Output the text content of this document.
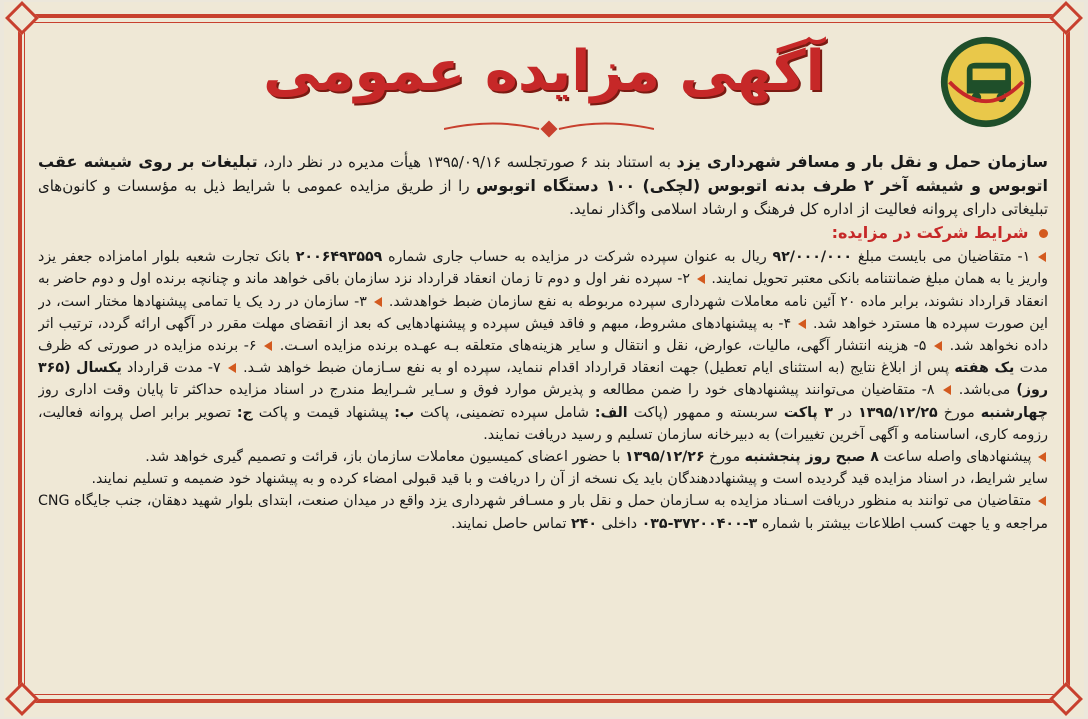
آگهی مزایده عمومی

سازمان حمل و نقل بار و مسافر شهرداری یزد به استناد بند ۶ صورتجلسه ۱۳۹۵/۰۹/۱۶ هیأت مدیره در نظر دارد، تبلیغات بر روی شیشه عقب اتوبوس و شیشه آخر ۲ طرف بدنه اتوبوس (لچکی) ۱۰۰ دستگاه اتوبوس را از طریق مزایده عمومی با شرایط ذیل به مؤسسات و کانون‌های تبلیغاتی دارای پروانه فعالیت از اداره کل فرهنگ و ارشاد اسلامی واگذار نماید.

شرایط شرکت در مزایده:

۱- متقاضیان می بایست مبلغ ۹۲/۰۰۰/۰۰۰ ریال به عنوان سپرده شرکت در مزایده به حساب جاری شماره ۲۰۰۶۴۹۳۵۵۹ بانک تجارت شعبه بلوار امامزاده جعفر یزد واریز یا به همان مبلغ ضمانتنامه بانکی معتبر تحویل نمایند.  ۲- سپرده نفر اول و دوم تا زمان انعقاد قرارداد نزد سازمان باقی خواهد ماند و چنانچه برنده اول و دوم حاضر به انعقاد قرارداد نشوند، برابر ماده ۲۰ آئین نامه معاملات شهرداری سپرده مربوطه به نفع سازمان ضبط خواهدشد.  ۳- سازمان در رد یک یا تمامی پیشنهادها مختار است، در این صورت سپرده ها مسترد خواهد شد.  ۴- به پیشنهادهای مشروط، مبهم و فاقد فیش سپرده و پیشنهادهایی که بعد از انقضای مهلت مقرر در آگهی ارائه گردد، ترتیب اثر داده نخواهد شد.  ۵- هزینه انتشار آگهی، مالیات، عوارض، نقل و انتقال و سایر هزینه‌های متعلقه بـه عهـده برنده مزایده اسـت.  ۶- برنده مزایده در صورتی که ظرف مدت یک هفته پس از ابلاغ نتایج (به استثنای ایام تعطیل) جهت انعقاد قرارداد اقدام ننماید، سپرده او به نفع سـازمان ضبط خواهد شـد.  ۷- مدت قرارداد یکسال (۳۶۵ روز) می‌باشد.  ۸- متقاضیان می‌توانند پیشنهادهای خود را ضمن مطالعه و پذیرش موارد فوق و سـایر شـرایط مندرج در اسناد مزایده حداکثر تا پایان وقت اداری روز چهارشنبه مورخ ۱۳۹۵/۱۲/۲۵ در ۳ پاکت سربسته و ممهور (پاکت الف: شامل سپرده تضمینی، پاکت ب: پیشنهاد قیمت و پاکت ج: تصویر برابر اصل پروانه فعالیت، رزومه کاری، اساسنامه و آگهی آخرین تغییرات) به دبیرخانه سازمان تسلیم و رسید دریافت نمایند.

پیشنهادهای واصله ساعت ۸ صبح روز پنجشنبه مورخ ۱۳۹۵/۱۲/۲۶ با حضور اعضای کمیسیون معاملات سازمان باز، قرائت و تصمیم گیری خواهد شد.

سایر شرایط، در اسناد مزایده قید گردیده است و پیشنهاددهندگان باید یک نسخه از آن را دریافت و با قید قبولی امضاء کرده و به پیشنهاد خود ضمیمه و تسلیم نمایند.

متقاضیان می توانند به منظور دریافت اسـناد مزایده به سـازمان حمل و نقل بار و مسـافر شهرداری یزد واقع در میدان صنعت، ابتدای بلوار شهید دهقان، جنب جایگاه CNG مراجعه و یا جهت کسب اطلاعات بیشتر با شماره ۳-۳۷۲۰۰۴۰۰-۰۳۵ داخلی ۲۴۰ تماس حاصل نمایند.
